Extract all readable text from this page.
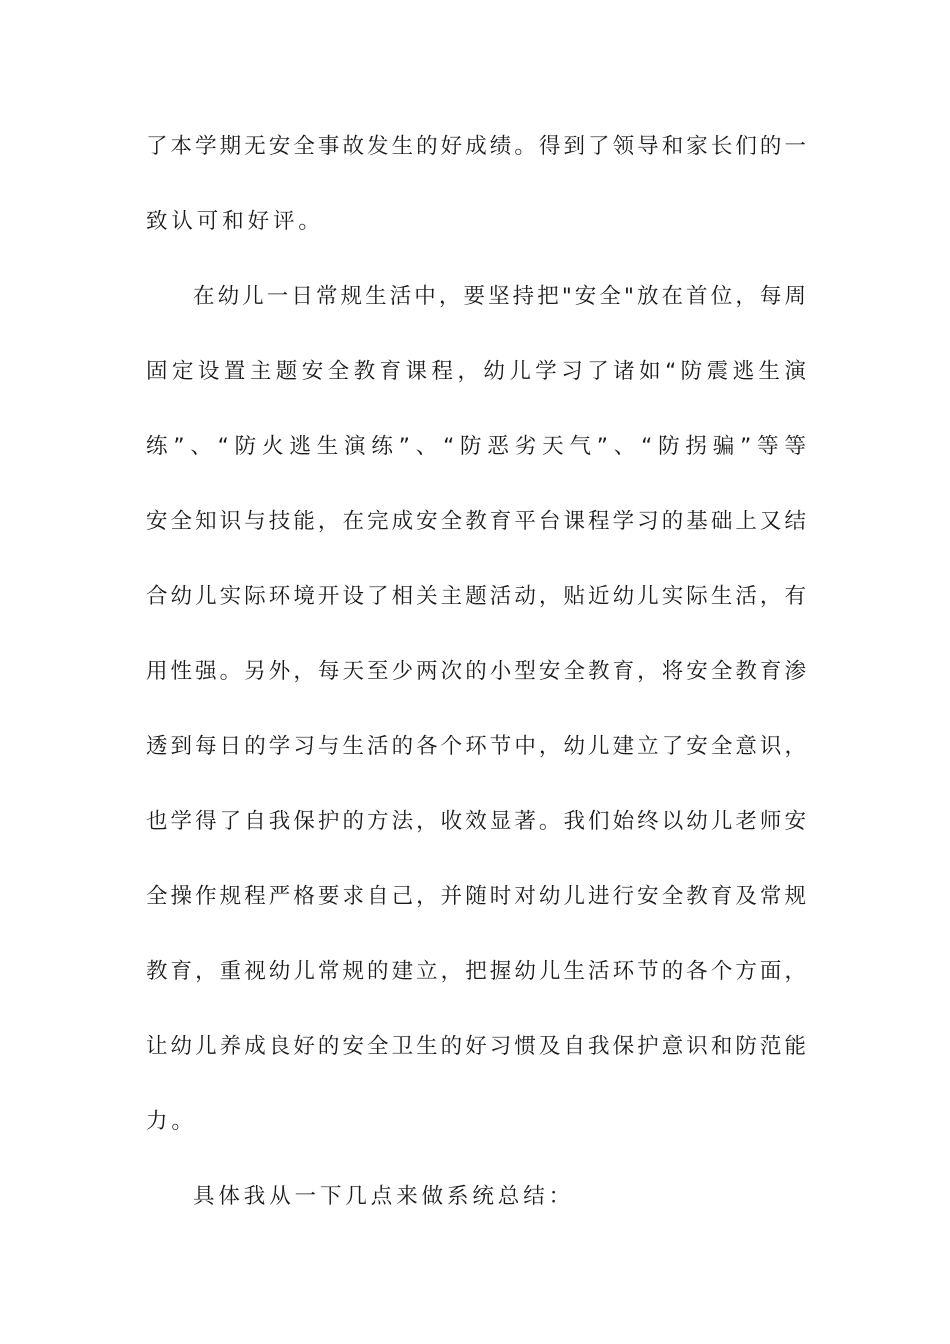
了本学期无安全事故发生的好成绩。得到了领导和家长们的一
致认可和好评。
在幼儿一日常规生活中，要坚持把"安全"放在首位，每周
固定设置主题安全教育课程，幼儿学习了诸如“防震逃生演
练”、“防火逃生演练”、“防恶劣天气”、“防拐骗”等等
安全知识与技能，在完成安全教育平台课程学习的基础上又结
合幼儿实际环境开设了相关主题活动，贴近幼儿实际生活，有
用性强。另外，每天至少两次的小型安全教育，将安全教育渗
透到每日的学习与生活的各个环节中，幼儿建立了安全意识，
也学得了自我保护的方法，收效显著。我们始终以幼儿老师安
全操作规程严格要求自己，并随时对幼儿进行安全教育及常规
教育，重视幼儿常规的建立，把握幼儿生活环节的各个方面，
让幼儿养成良好的安全卫生的好习惯及自我保护意识和防范能
力。
具体我从一下几点来做系统总结：
